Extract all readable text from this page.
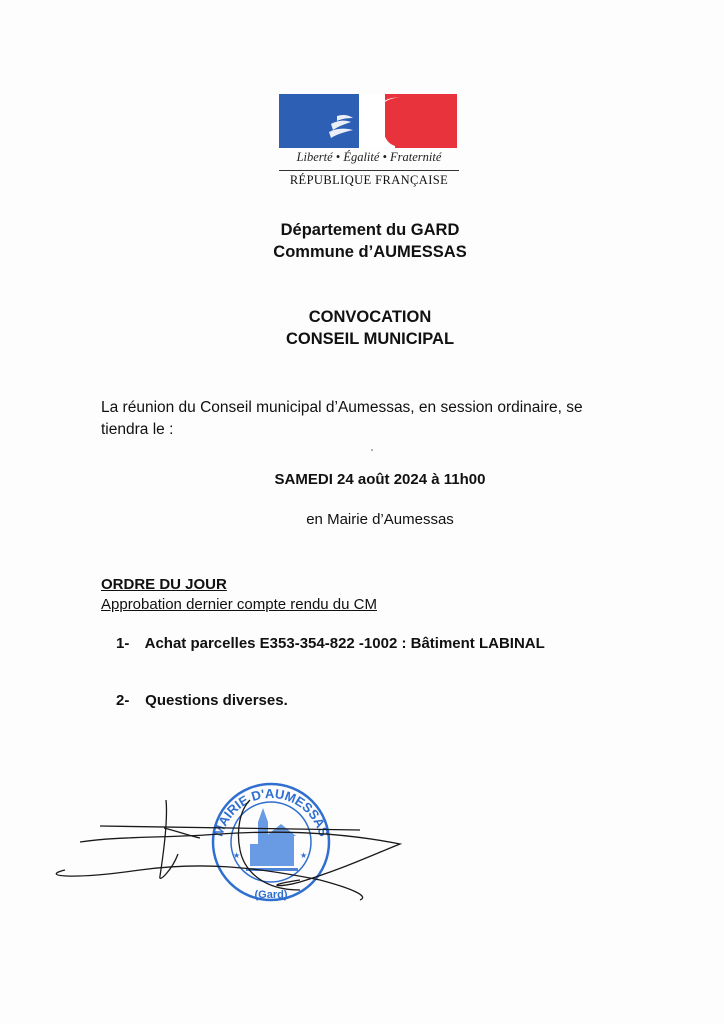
Liberté • Égalité • Fraternité
RÉPUBLIQUE FRANÇAISE
Département du GARD
Commune d’AUMESSAS
CONVOCATION
CONSEIL MUNICIPAL
La réunion du Conseil municipal d’Aumessas, en session ordinaire, se tiendra le :
SAMEDI 24 août 2024 à 11h00
en Mairie d’Aumessas
ORDRE DU JOUR
Approbation dernier compte rendu du CM
1- Achat parcelles E353-354-822 -1002 : Bâtiment LABINAL
2- Questions diverses.
MAIRIE D'AUMESSAS
(Gard)
★	★
